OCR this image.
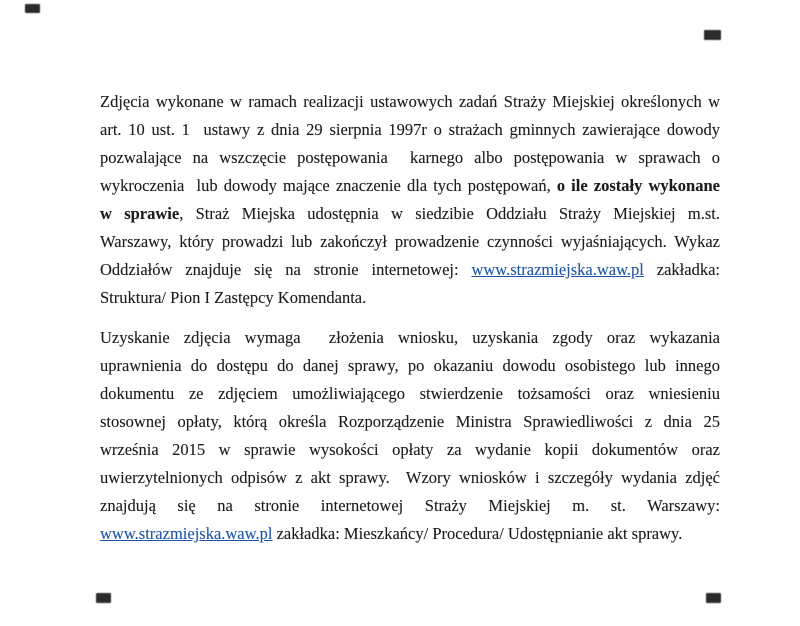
Zdjęcia wykonane w ramach realizacji ustawowych zadań Straży Miejskiej określonych w
art. 10 ust. 1  ustawy z dnia 29 sierpnia 1997r o strażach gminnych zawierające dowody
pozwalające na wszczęcie postępowania  karnego albo postępowania w sprawach o
wykroczenia  lub dowody mające znaczenie dla tych postępowań, o ile zostały wykonane
w sprawie, Straż Miejska udostępnia w siedzibie Oddziału Straży Miejskiej m.st.
Warszawy, który prowadzi lub zakończył prowadzenie czynności wyjaśniających. Wykaz
Oddziałów znajduje się na stronie internetowej: www.strazmiejska.waw.pl zakładka:
Struktura/ Pion I Zastępcy Komendanta.
Uzyskanie zdjęcia wymaga  złożenia wniosku, uzyskania zgody oraz wykazania
uprawnienia do dostępu do danej sprawy, po okazaniu dowodu osobistego lub innego
dokumentu ze zdjęciem umożliwiającego stwierdzenie tożsamości oraz wniesieniu
stosownej opłaty, którą określa Rozporządzenie Ministra Sprawiedliwości z dnia 25
września 2015 w sprawie wysokości opłaty za wydanie kopii dokumentów oraz
uwierzytelnionych odpisów z akt sprawy.  Wzory wniosków i szczegóły wydania zdjęć
znajdują się na stronie internetowej Straży Miejskiej m. st. Warszawy:
www.strazmiejska.waw.pl zakładka: Mieszkańcy/ Procedura/ Udostępnianie akt sprawy.
